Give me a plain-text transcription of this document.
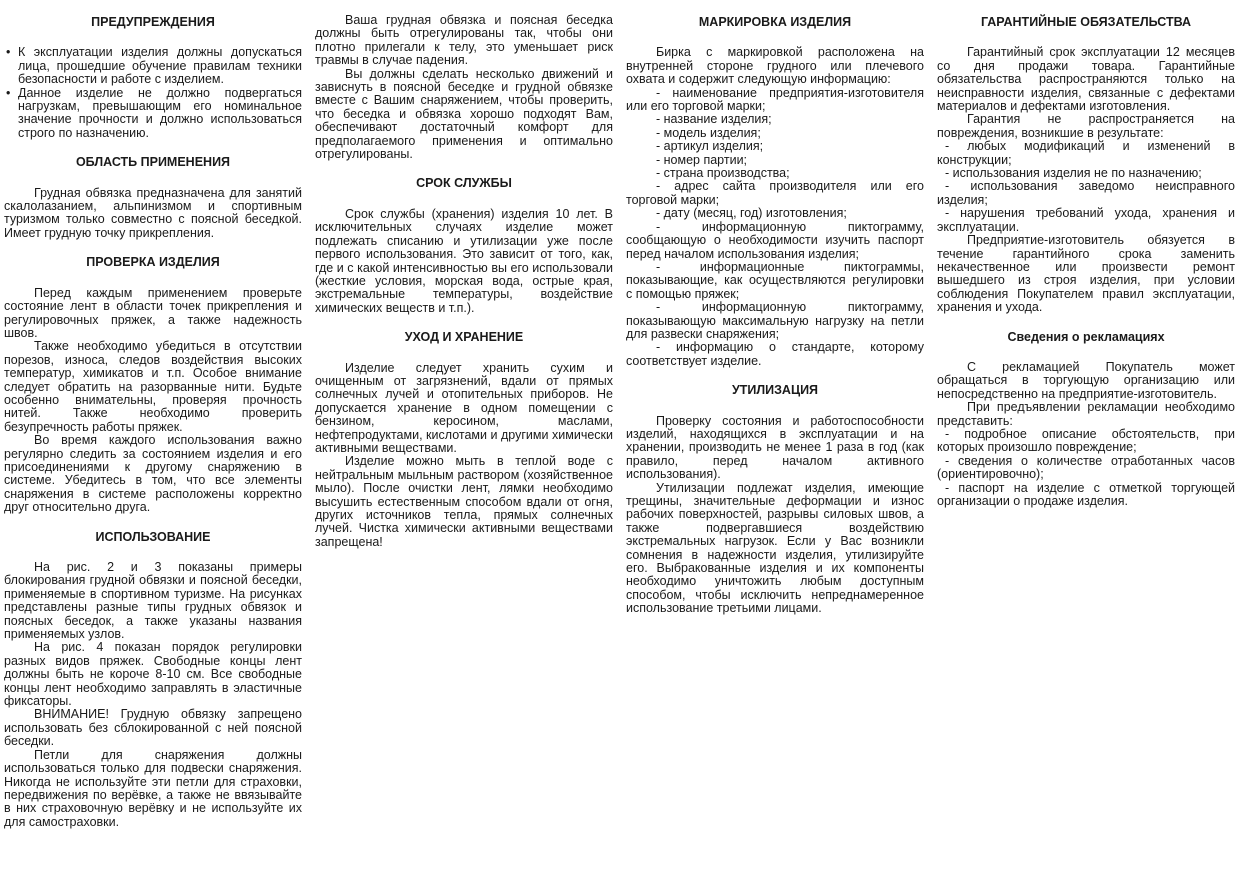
ПРЕДУПРЕЖДЕНИЯ

• К эксплуатации изделия должны допускаться лица, прошедшие обучение правилам техники безопасности и работе с изделием.

• Данное изделие не должно подвергаться нагрузкам, превышающим его номинальное значение прочности и должно использоваться строго по назначению.

ОБЛАСТЬ ПРИМЕНЕНИЯ

Грудная обвязка предназначена для занятий скалолазанием, альпинизмом и спортивным туризмом только совместно с поясной беседкой. Имеет грудную точку прикрепления.

ПРОВЕРКА ИЗДЕЛИЯ

Перед каждым применением проверьте состояние лент в области точек прикрепления и регулировочных пряжек, а также надежность швов.

Также необходимо убедиться в отсутствии порезов, износа, следов воздействия высоких температур, химикатов и т.п. Особое внимание следует обратить на разорванные нити. Будьте особенно внимательны, проверяя прочность нитей. Также необходимо проверить безупречность работы пряжек.

Во время каждого использования важно регулярно следить за состоянием изделия и его присоединениями к другому снаряжению в системе. Убедитесь в том, что все элементы снаряжения в системе расположены корректно друг относительно друга.

ИСПОЛЬЗОВАНИЕ

На рис. 2 и 3 показаны примеры блокирования грудной обвязки и поясной беседки, применяемые в спортивном туризме. На рисунках представлены разные типы грудных обвязок и поясных беседок, а также указаны названия применяемых узлов.

На рис. 4 показан порядок регулировки разных видов пряжек. Свободные концы лент должны быть не короче 8-10 см. Все свободные концы лент необходимо заправлять в эластичные фиксаторы.

ВНИМАНИЕ! Грудную обвязку запрещено использовать без сблокированной с ней поясной беседки.

Петли для снаряжения должны использоваться только для подвески снаряжения. Никогда не используйте эти петли для страховки, передвижения по верёвке, а также не ввязывайте в них страховочную верёвку и не используйте их для самостраховки.

Ваша грудная обвязка и поясная беседка должны быть отрегулированы так, чтобы они плотно прилегали к телу, это уменьшает риск травмы в случае падения.

Вы должны сделать несколько движений и зависнуть в поясной беседке и грудной обвязке вместе с Вашим снаряжением, чтобы проверить, что беседка и обвязка хорошо подходят Вам, обеспечивают достаточный комфорт для предполагаемого применения и оптимально отрегулированы.

СРОК СЛУЖБЫ

Срок службы (хранения) изделия 10 лет. В исключительных случаях изделие может подлежать списанию и утилизации уже после первого использования. Это зависит от того, как, где и с какой интенсивностью вы его использовали (жесткие условия, морская вода, острые края, экстремальные температуры, воздействие химических веществ и т.п.).

УХОД И ХРАНЕНИЕ

Изделие следует хранить сухим и очищенным от загрязнений, вдали от прямых солнечных лучей и отопительных приборов. Не допускается хранение в одном помещении с бензином, керосином, маслами, нефтепродуктами, кислотами и другими химически активными веществами.

Изделие можно мыть в теплой воде с нейтральным мыльным раствором (хозяйственное мыло). После очистки лент, лямки необходимо высушить естественным способом вдали от огня, других источников тепла, прямых солнечных лучей. Чистка химически активными веществами запрещена!

МАРКИРОВКА ИЗДЕЛИЯ

Бирка с маркировкой расположена на внутренней стороне грудного или плечевого охвата и содержит следующую информацию:

- наименование предприятия-изготовителя или его торговой марки;

- название изделия;

- модель изделия;

- артикул изделия;

- номер партии;

- страна производства;

- адрес сайта производителя или его торговой марки;

- дату (месяц, год) изготовления;

- информационную пиктограмму, сообщающую о необходимости изучить паспорт перед началом использования изделия;

- информационные пиктограммы, показывающие, как осуществляются регулировки с помощью пряжек;

- информационную пиктограмму, показывающую максимальную нагрузку на петли для развески снаряжения;

- информацию о стандарте, которому соответствует изделие.

УТИЛИЗАЦИЯ

Проверку состояния и работоспособности изделий, находящихся в эксплуатации и на хранении, производить не менее 1 раза в год (как правило, перед началом активного использования).

Утилизации подлежат изделия, имеющие трещины, значительные деформации и износ рабочих поверхностей, разрывы силовых швов, а также подвергавшиеся воздействию экстремальных нагрузок. Если у Вас возникли сомнения в надежности изделия, утилизируйте его. Выбракованные изделия и их компоненты необходимо уничтожить любым доступным способом, чтобы исключить непреднамеренное использование третьими лицами.

ГАРАНТИЙНЫЕ ОБЯЗАТЕЛЬСТВА

Гарантийный срок эксплуатации 12 месяцев со дня продажи товара. Гарантийные обязательства распространяются только на неисправности изделия, связанные с дефектами материалов и дефектами изготовления.

Гарантия не распространяется на повреждения, возникшие в результате:

- любых модификаций и изменений в конструкции;

- использования изделия не по назначению;

- использования заведомо неисправного изделия;

- нарушения требований ухода, хранения и эксплуатации.

Предприятие-изготовитель обязуется в течение гарантийного срока заменить некачественное или произвести ремонт вышедшего из строя изделия, при условии соблюдения Покупателем правил эксплуатации, хранения и ухода.

Сведения о рекламациях

С рекламацией Покупатель может обращаться в торгующую организацию или непосредственно на предприятие-изготовитель.

При предъявлении рекламации необходимо представить:

- подробное описание обстоятельств, при которых произошло повреждение;

- сведения о количестве отработанных часов (ориентировочно);

- паспорт на изделие с отметкой торгующей организации о продаже изделия.
